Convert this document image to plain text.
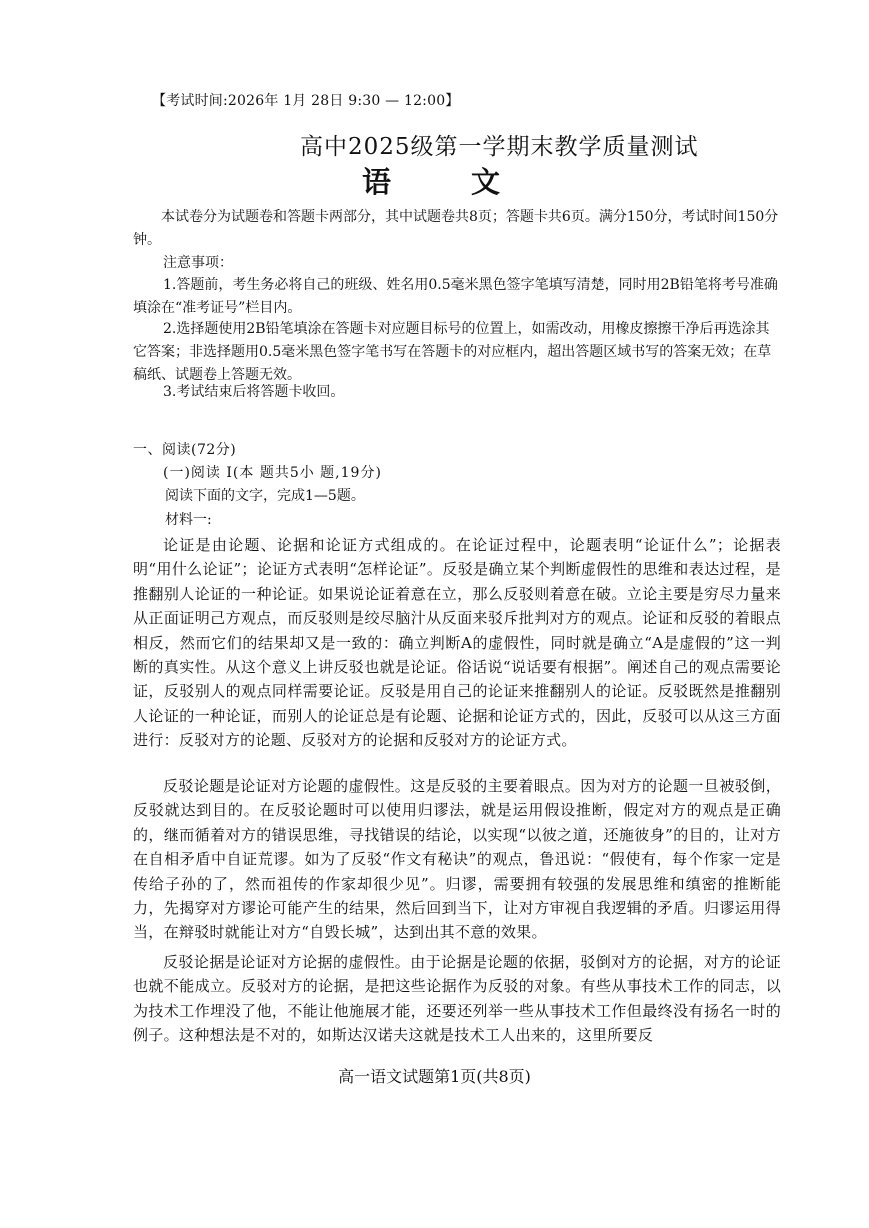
【考试时间:2026年 1月 28日 9:30 — 12:00】
高中2025级第一学期末教学质量测试
语文
本试卷分为试题卷和答题卡两部分，其中试题卷共8页；答题卡共6页。满分150分，考试时间150分钟。
注意事项：
1.答题前，考生务必将自己的班级、姓名用0.5毫米黑色签字笔填写清楚，同时用2B铅笔将考号准确填涂在“准考证号”栏目内。
2.选择题使用2B铅笔填涂在答题卡对应题目标号的位置上，如需改动，用橡皮擦擦干净后再选涂其它答案；非选择题用0.5毫米黑色签字笔书写在答题卡的对应框内，超出答题区域书写的答案无效；在草稿纸、试题卷上答题无效。
3.考试结束后将答题卡收回。
一、阅读(72分)
(一)阅读 Ⅰ(本 题共5小 题,19分)
阅读下面的文字，完成1—5题。
材料一:
论证是由论题、论据和论证方式组成的。在论证过程中，论题表明“论证什么”；论据表明“用什么论证”；论证方式表明“怎样论证”。反驳是确立某个判断虚假性的思维和表达过程，是推翻别人论证的一种论证。如果说论证着意在立，那么反驳则着意在破。立论主要是穷尽力量来从正面证明己方观点，而反驳则是绞尽脑汁从反面来驳斥批判对方的观点。论证和反驳的着眼点相反，然而它们的结果却又是一致的：确立判断A的虚假性，同时就是确立“A是虚假的”这一判断的真实性。从这个意义上讲反驳也就是论证。俗话说“说话要有根据”。阐述自己的观点需要论证，反驳别人的观点同样需要论证。反驳是用自己的论证来推翻别人的论证。反驳既然是推翻别人论证的一种论证，而别人的论证总是有论题、论据和论证方式的，因此，反驳可以从这三方面进行：反驳对方的论题、反驳对方的论据和反驳对方的论证方式。
反驳论题是论证对方论题的虚假性。这是反驳的主要着眼点。因为对方的论题一旦被驳倒，反驳就达到目的。在反驳论题时可以使用归谬法，就是运用假设推断，假定对方的观点是正确的，继而循着对方的错误思维，寻找错误的结论，以实现“以彼之道，还施彼身”的目的，让对方在自相矛盾中自证荒谬。如为了反驳“作文有秘诀”的观点，鲁迅说：“假使有，每个作家一定是传给子孙的了，然而祖传的作家却很少见”。归谬，需要拥有较强的发展思维和缜密的推断能力，先揭穿对方谬论可能产生的结果，然后回到当下，让对方审视自我逻辑的矛盾。归谬运用得当，在辩驳时就能让对方“自毁长城”，达到出其不意的效果。
反驳论据是论证对方论据的虚假性。由于论据是论题的依据，驳倒对方的论据，对方的论证也就不能成立。反驳对方的论据，是把这些论据作为反驳的对象。有些从事技术工作的同志，以为技术工作埋没了他，不能让他施展才能，还要还列举一些从事技术工作但最终没有扬名一时的例子。这种想法是不对的，如斯达汉诺夫这就是技术工人出来的，这里所要反
高一语文试题第1页(共8页)
